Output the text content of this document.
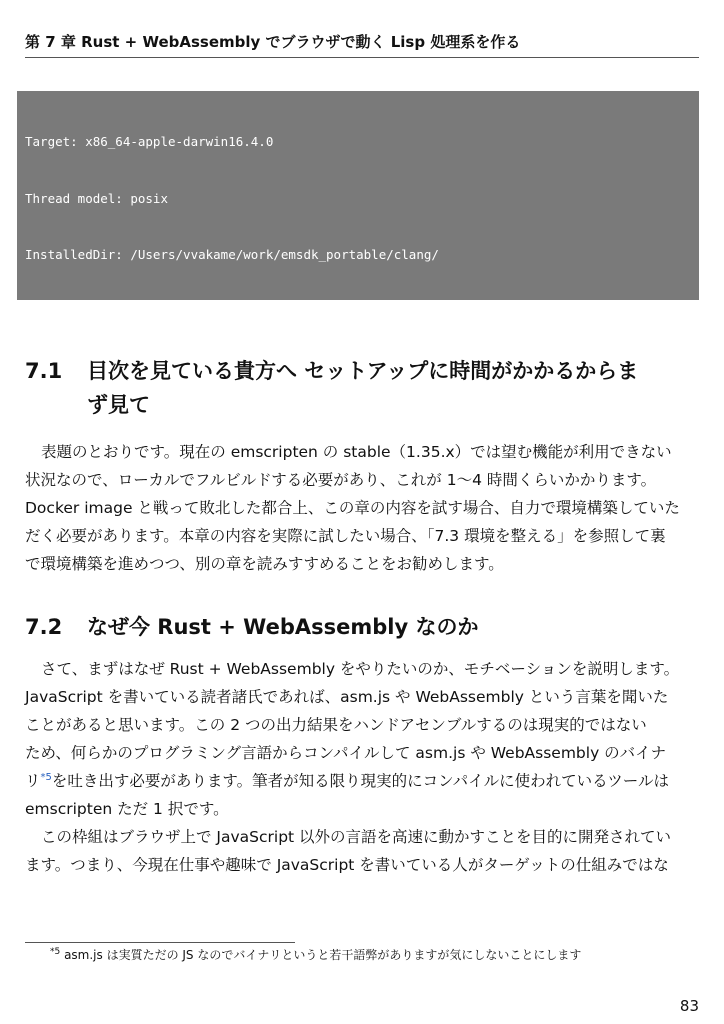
第 7 章 Rust + WebAssembly でブラウザで動く Lisp 処理系を作る

Target: x86_64-apple-darwin16.4.0

Thread model: posix

InstalledDir: /Users/vvakame/work/emsdk_portable/clang/

7.1 目次を見ている貴方へ セットアップに時間がかかるからま
ず見て
表題のとおりです。現在の emscripten の stable（1.35.x）では望む機能が利用できない
状況なので、ローカルでフルビルドする必要があり、これが 1〜4 時間くらいかかります。
Docker image と戦って敗北した都合上、この章の内容を試す場合、自力で環境構築していた
だく必要があります。本章の内容を実際に試したい場合、「7.3 環境を整える」を参照して裏
で環境構築を進めつつ、別の章を読みすすめることをお勧めします。
7.2 なぜ今 Rust + WebAssembly なのか
さて、まずはなぜ Rust + WebAssembly をやりたいのか、モチベーションを説明します。
JavaScript を書いている読者諸氏であれば、asm.js や WebAssembly という言葉を聞いた
ことがあると思います。この 2 つの出力結果をハンドアセンブルするのは現実的ではない
ため、何らかのプログラミング言語からコンパイルして asm.js や WebAssembly のバイナ
リ$^{*5}$を吐き出す必要があります。筆者が知る限り現実的にコンパイルに使われているツールは
emscripten ただ 1 択です。
この枠組はブラウザ上で JavaScript 以外の言語を高速に動かすことを目的に開発されてい
ます。つまり、今現在仕事や趣味で JavaScript を書いている人がターゲットの仕組みではな
$^{*5}$ asm.js は実質ただの JS なのでバイナリというと若干語弊がありますが気にしないことにします
83
